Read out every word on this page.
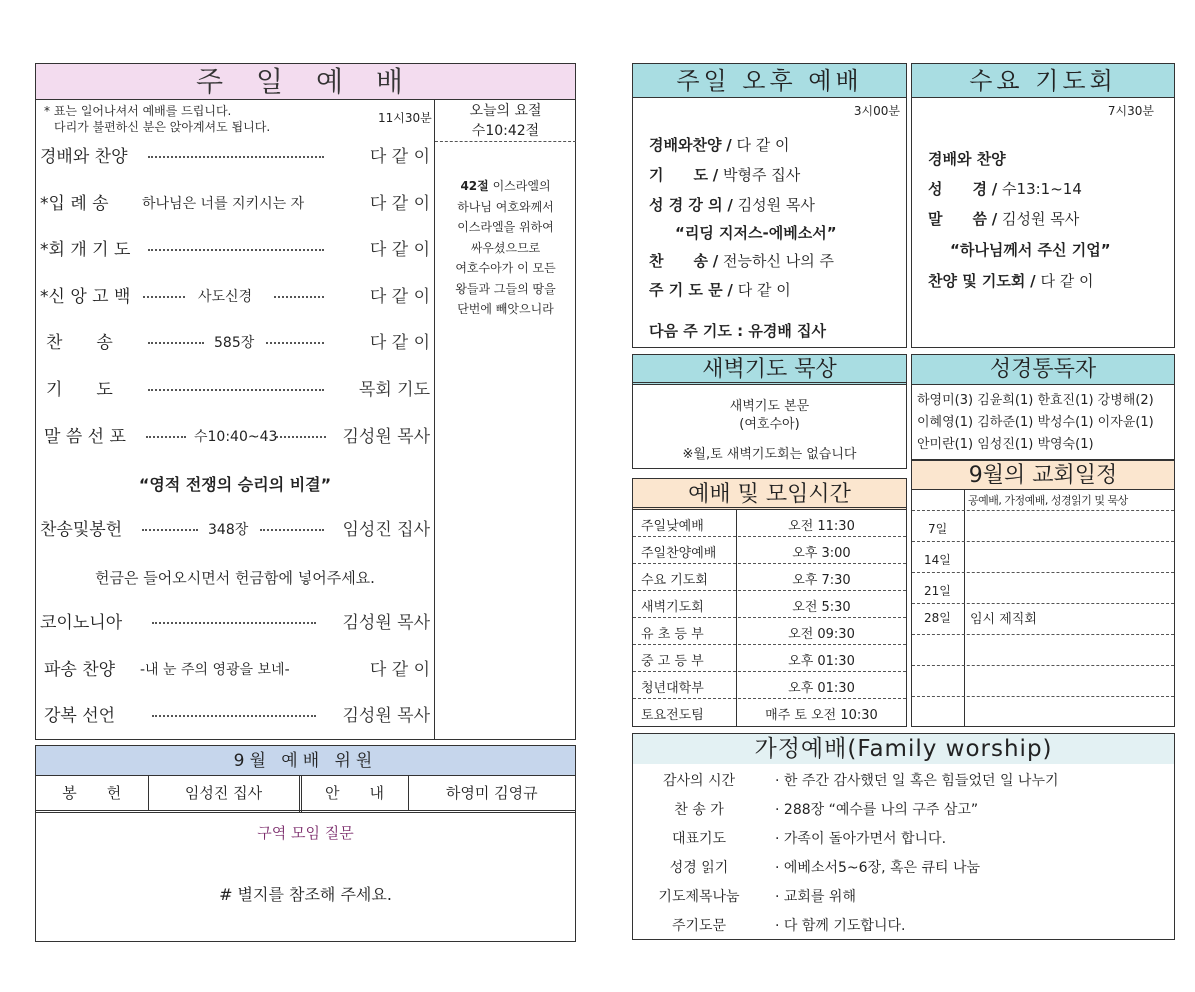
주 일 예 배
* 표는 일어나셔서 예배를 드립니다.
다리가 불편하신 분은 앉아계셔도 됩니다.
11시30분	오늘의 요절
수10:42절
42절 이스라엘의
하나님 여호와께서
이스라엘을 위하여
싸우셨으므로
여호수아가 이 모든
왕들과 그들의 땅을
단번에 빼앗으니라
경배와 찬양	다 같 이
*입 례 송 하나님은 너를 지키시는 자	다 같 이
*회 개 기 도	다 같 이
*신 앙 고 백	사도신경	다 같 이
찬　　송	585장	다 같 이
기　　도	목회 기도
말 씀 선 포	수10:40~43	김성원 목사
“영적 전쟁의 승리의 비결”
찬송및봉헌	348장	임성진 집사
헌금은 들어오시면서 헌금함에 넣어주세요.
코이노니아	김성원 목사
파송 찬양 -내 눈 주의 영광을 보네-	다 같 이
강복 선언	김성원 목사
9월 예배 위원
봉　　헌	임성진 집사	안　　내	하영미 김영규
구역 모임 질문
# 별지를 참조해 주세요.
주일 오후 예배
3시00분
경배와찬양 / 다 같 이
기　　도 / 박형주 집사
성 경 강 의 / 김성원 목사
“리딩 지저스-에베소서”
찬　　송 / 전능하신 나의 주
주 기 도 문 / 다 같 이
다음 주 기도 : 유경배 집사
수요 기도회
7시30분
경배와 찬양
성　　경 / 수13:1~14
말　　씀 / 김성원 목사
“하나님께서 주신 기업”
찬양 및 기도회 / 다 같 이
새벽기도 묵상
새벽기도 본문
(여호수아)
※월,토 새벽기도회는 없습니다
성경통독자
하영미(3) 김윤희(1) 한효진(1) 강병해(2)
이혜영(1) 김하준(1) 박성수(1) 이자윤(1)
안미란(1) 임성진(1) 박영숙(1)
예배 및 모임시간
주일낮예배	오전 11:30
주일찬양예배	오후 3:00
수요 기도회	오후 7:30
새벽기도회	오전 5:30
유 초 등 부	오전 09:30
중 고 등 부	오후 01:30
청년대학부	오후 01:30
토요전도팀	매주 토 오전 10:30
9월의 교회일정
공예배, 가정예배, 성경읽기 및 묵상
7일
14일
21일
28일 임시 제직회
가정예배(Family worship)
감사의 시간	· 한 주간 감사했던 일 혹은 힘들었던 일 나누기
찬 송 가	· 288장 “예수를 나의 구주 삼고”
대표기도	· 가족이 돌아가면서 합니다.
성경 읽기	· 에베소서5~6장, 혹은 큐티 나눔
기도제목나눔	· 교회를 위해
주기도문	· 다 함께 기도합니다.
